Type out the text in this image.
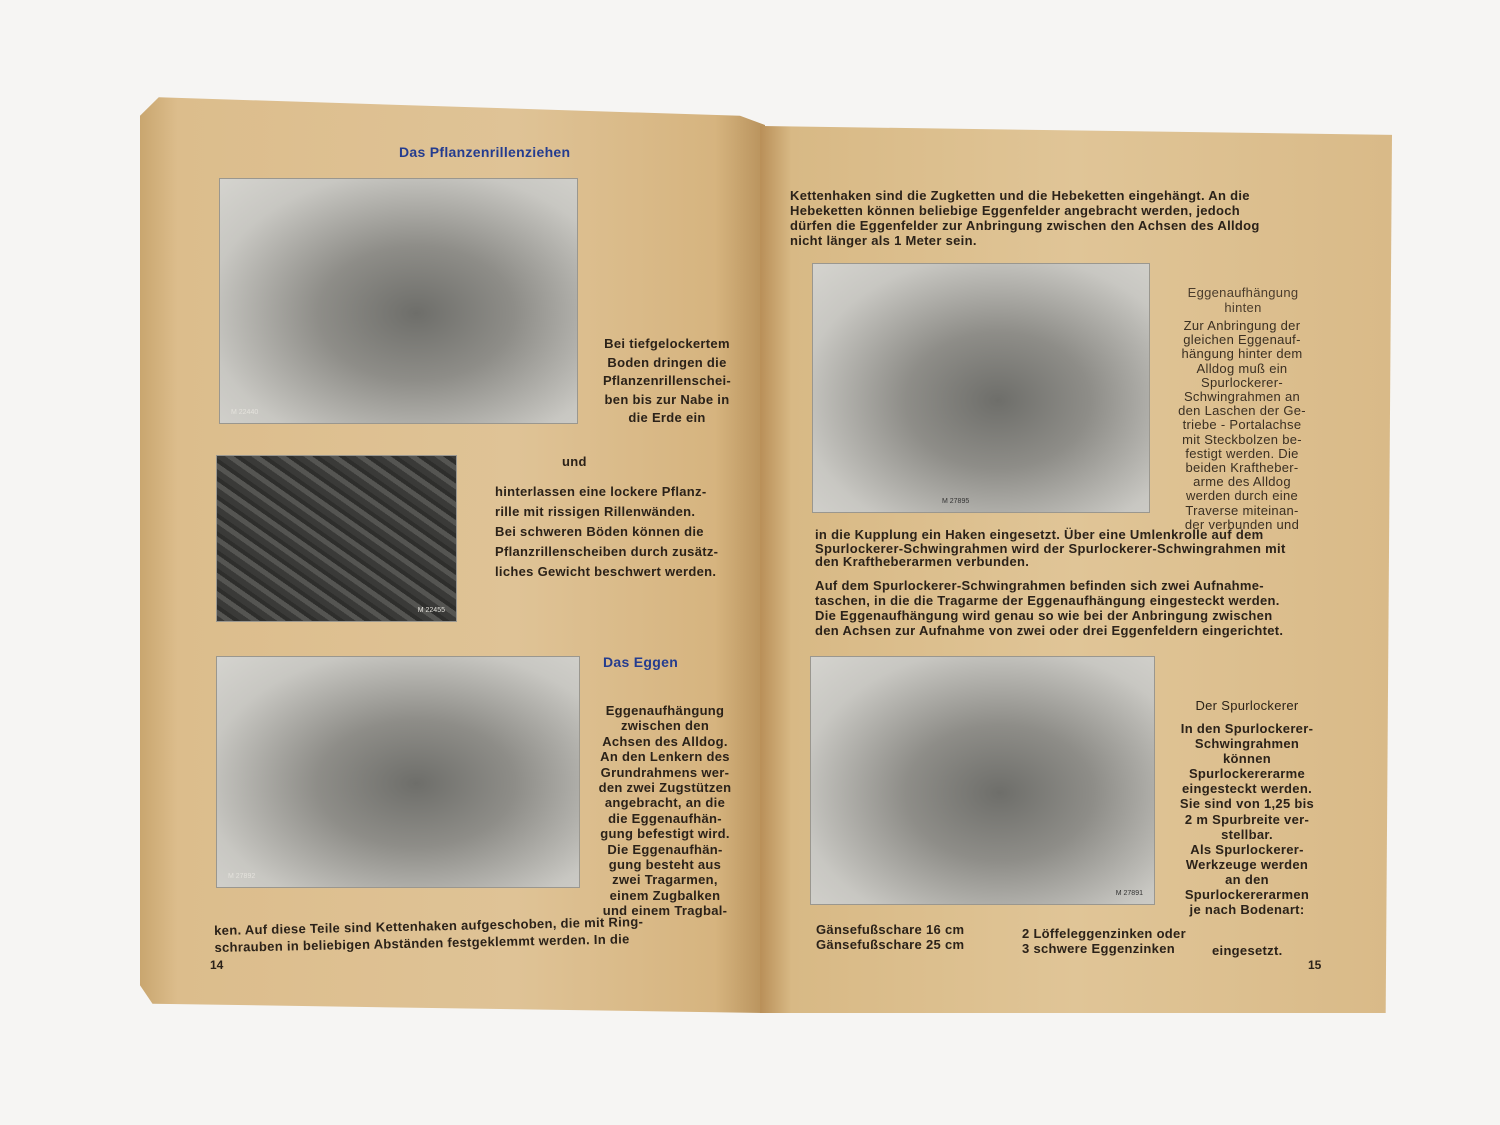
Das Pflanzenrillenziehen
M 22440
Bei tiefgelockertem
Boden dringen die
Pflanzenrillenschei-
ben bis zur Nabe in
die Erde ein
und
M 22455
hinterlassen eine lockere Pflanz-
rille mit rissigen Rillenwänden.
Bei schweren Böden können die
Pflanzrillenscheiben durch zusätz-
liches Gewicht beschwert werden.
M 27892
Das Eggen
Eggenaufhängung
zwischen den
Achsen des Alldog.
An den Lenkern des
Grundrahmens wer-
den zwei Zugstützen
angebracht, an die
die Eggenaufhän-
gung befestigt wird.
Die Eggenaufhän-
gung besteht aus
zwei Tragarmen,
einem Zugbalken
und einem Tragbal-
ken. Auf diese Teile sind Kettenhaken aufgeschoben, die mit Ring-
schrauben in beliebigen Abständen festgeklemmt werden. In die
14
Kettenhaken sind die Zugketten und die Hebeketten eingehängt. An die
Hebeketten können beliebige Eggenfelder angebracht werden, jedoch
dürfen die Eggenfelder zur Anbringung zwischen den Achsen des Alldog
nicht länger als 1 Meter sein.
M 27895
Eggenaufhängung
hinten
Zur Anbringung der
gleichen Eggenauf-
hängung hinter dem
Alldog muß ein
Spurlockerer-
Schwingrahmen an
den Laschen der Ge-
triebe - Portalachse
mit Steckbolzen be-
festigt werden. Die
beiden Kraftheber-
arme des Alldog
werden durch eine
Traverse miteinan-
der verbunden und
in die Kupplung ein Haken eingesetzt. Über eine Umlenkrolle auf dem
Spurlockerer-Schwingrahmen wird der Spurlockerer-Schwingrahmen mit
den Kraftheberarmen verbunden.
Auf dem Spurlockerer-Schwingrahmen befinden sich zwei Aufnahme-
taschen, in die die Tragarme der Eggenaufhängung eingesteckt werden.
Die Eggenaufhängung wird genau so wie bei der Anbringung zwischen
den Achsen zur Aufnahme von zwei oder drei Eggenfeldern eingerichtet.
M 27891
Der Spurlockerer
In den Spurlockerer-
Schwingrahmen
können
Spurlockererarme
eingesteckt werden.
Sie sind von 1,25 bis
2 m Spurbreite ver-
stellbar.
Als Spurlockerer-
Werkzeuge werden
an den
Spurlockererarmen
je nach Bodenart:
Gänsefußschare 16 cm
Gänsefußschare 25 cm
2 Löffeleggenzinken oder
3 schwere Eggenzinken	eingesetzt.
15
